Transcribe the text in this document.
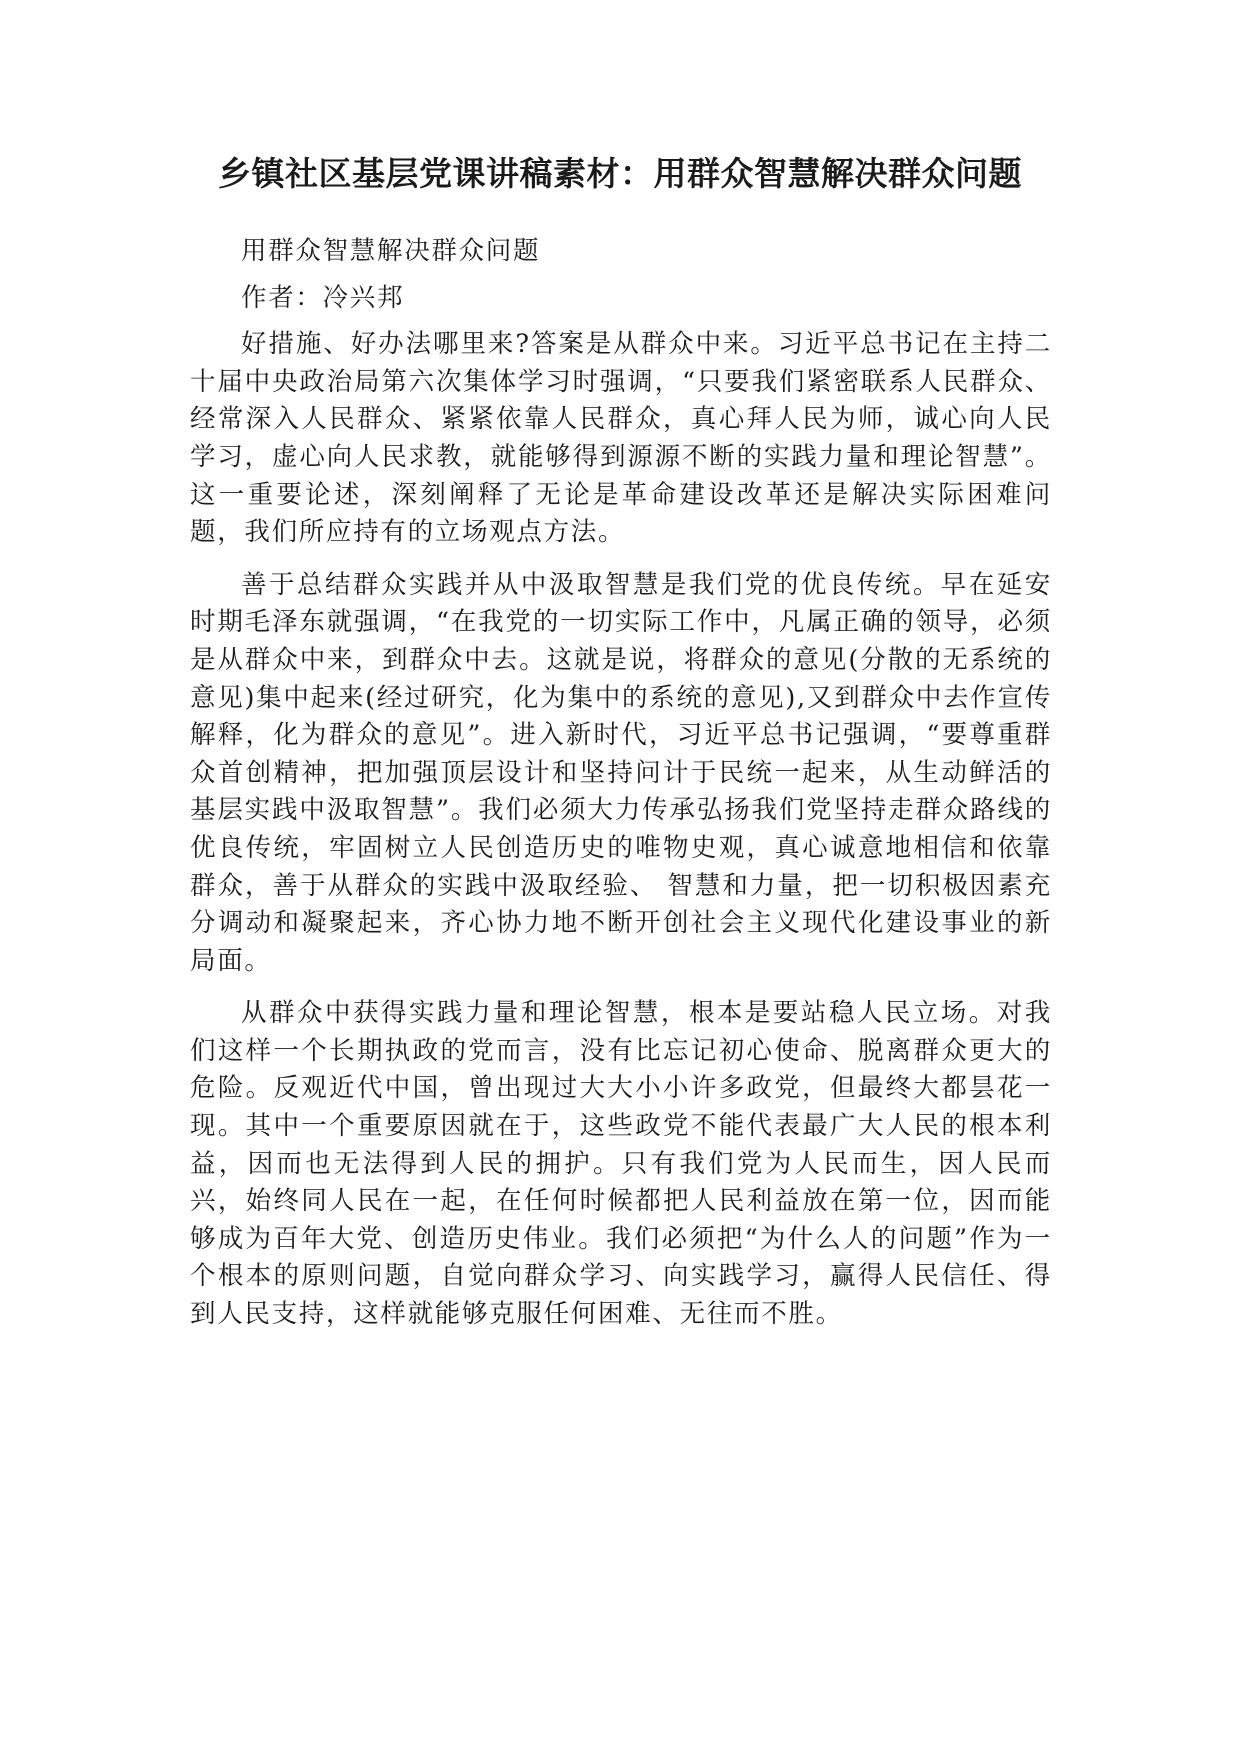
乡镇社区基层党课讲稿素材：用群众智慧解决群众问题

用群众智慧解决群众问题

作者：冷兴邦

好措施、好办法哪里来?答案是从群众中来。习近平总书记在主持二十届中央政治局第六次集体学习时强调，“只要我们紧密联系人民群众、经常深入人民群众、紧紧依靠人民群众，真心拜人民为师，诚心向人民学习，虚心向人民求教，就能够得到源源不断的实践力量和理论智慧”。这一重要论述，深刻阐释了无论是革命建设改革还是解决实际困难问题，我们所应持有的立场观点方法。

善于总结群众实践并从中汲取智慧是我们党的优良传统。早在延安时期毛泽东就强调，“在我党的一切实际工作中，凡属正确的领导，必须是从群众中来，到群众中去。这就是说，将群众的意见(分散的无系统的意见)集中起来(经过研究，化为集中的系统的意见),又到群众中去作宣传解释，化为群众的意见”。进入新时代，习近平总书记强调，“要尊重群众首创精神，把加强顶层设计和坚持问计于民统一起来，从生动鲜活的基层实践中汲取智慧”。我们必须大力传承弘扬我们党坚持走群众路线的优良传统，牢固树立人民创造历史的唯物史观，真心诚意地相信和依靠群众，善于从群众的实践中汲取经验、 智慧和力量，把一切积极因素充分调动和凝聚起来，齐心协力地不断开创社会主义现代化建设事业的新局面。

从群众中获得实践力量和理论智慧，根本是要站稳人民立场。对我们这样一个长期执政的党而言，没有比忘记初心使命、脱离群众更大的危险。反观近代中国，曾出现过大大小小许多政党，但最终大都昙花一现。其中一个重要原因就在于，这些政党不能代表最广大人民的根本利益，因而也无法得到人民的拥护。只有我们党为人民而生，因人民而兴，始终同人民在一起，在任何时候都把人民利益放在第一位，因而能够成为百年大党、创造历史伟业。我们必须把“为什么人的问题”作为一个根本的原则问题，自觉向群众学习、向实践学习，赢得人民信任、得到人民支持，这样就能够克服任何困难、无往而不胜。
